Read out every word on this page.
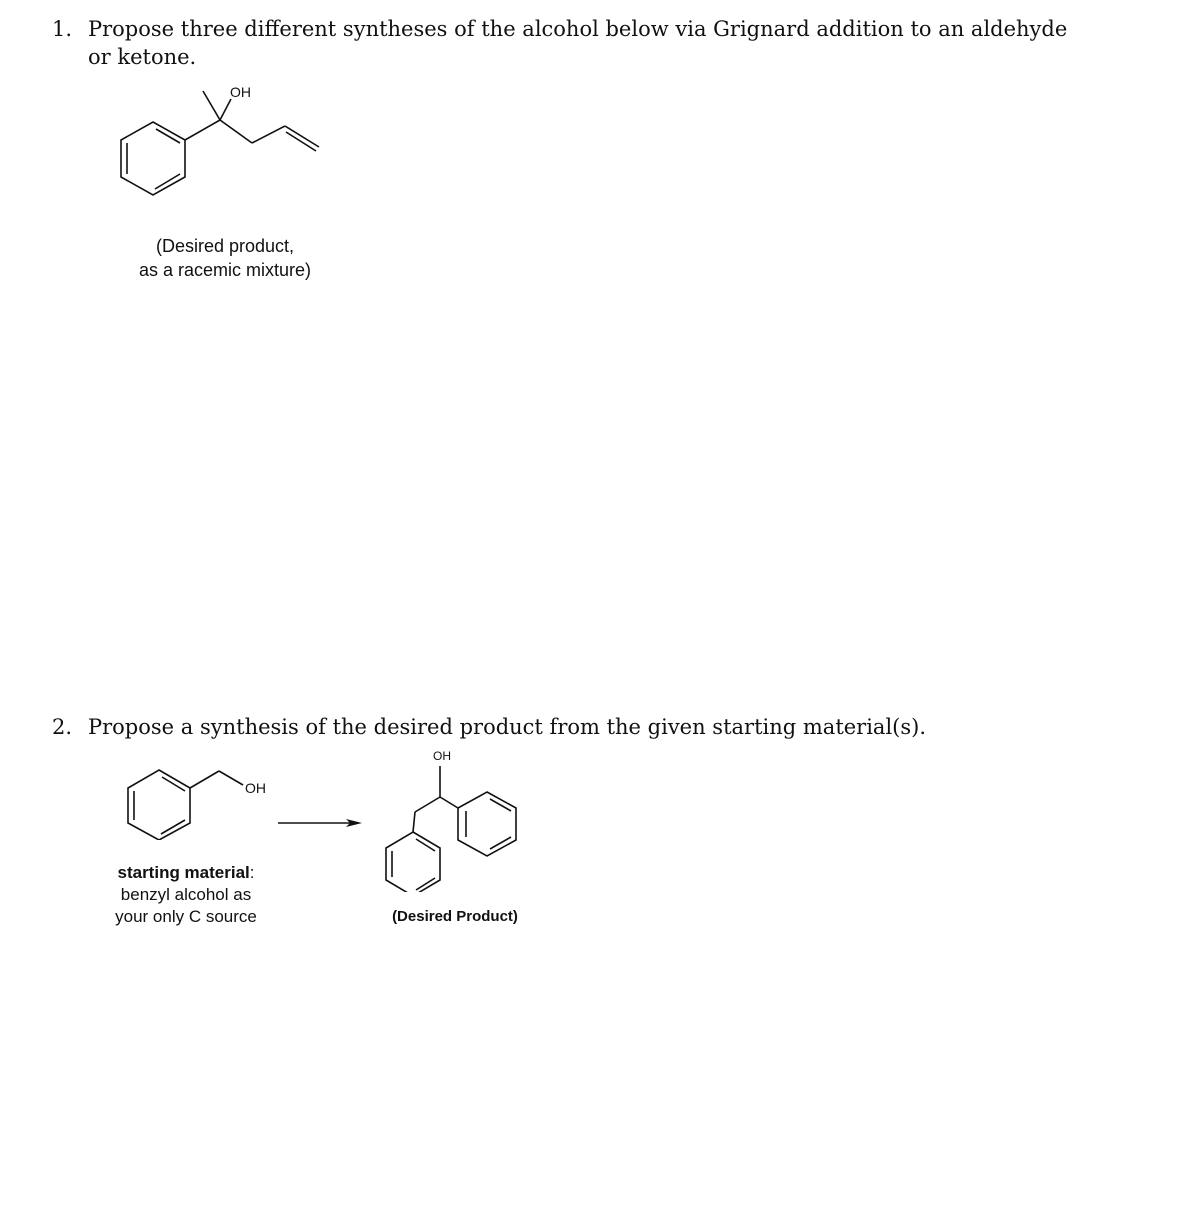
1. Propose three different syntheses of the alcohol below via Grignard addition to an aldehyde
or ketone.
OH
(Desired product,
as a racemic mixture)
2. Propose a synthesis of the desired product from the given starting material(s).
OH
starting material:
benzyl alcohol as
your only C source
OH
(Desired Product)
